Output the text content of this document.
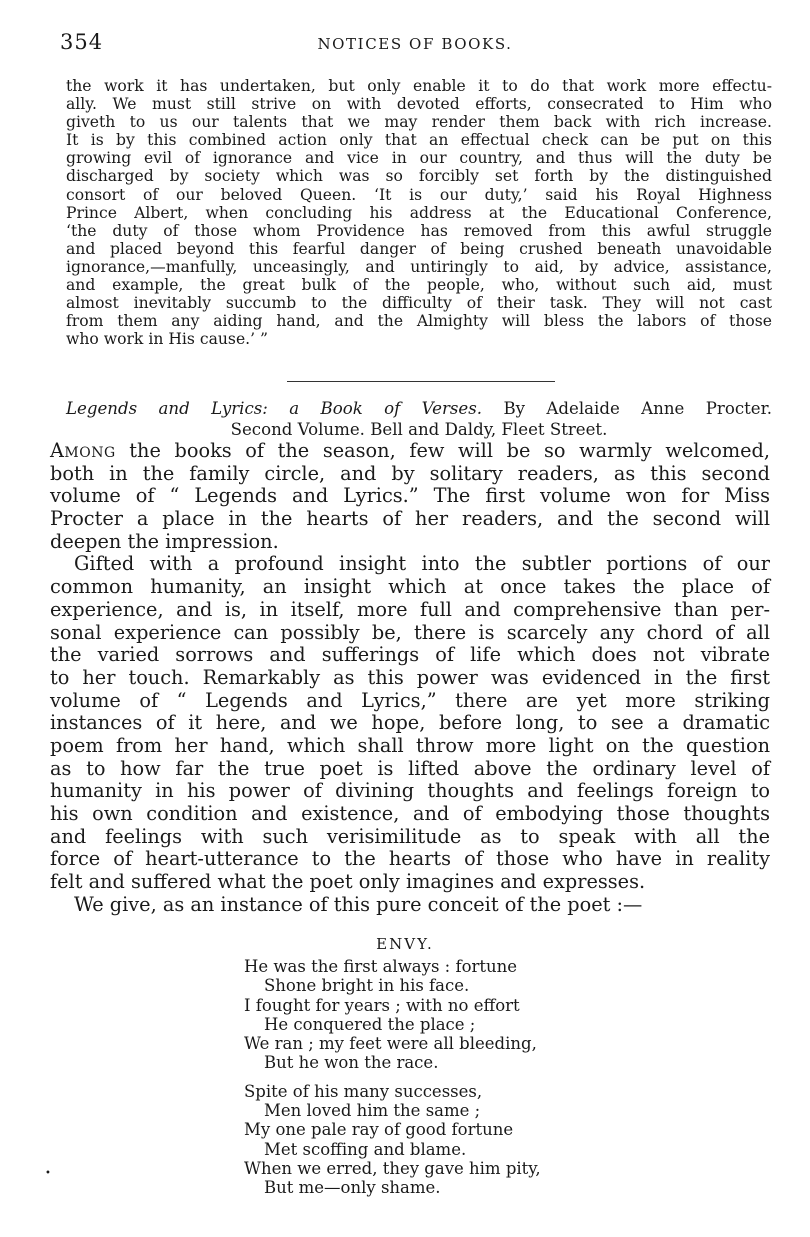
354	NOTICES OF BOOKS.
the work it has undertaken, but only enable it to do that work more effectu-
ally. We must still strive on with devoted efforts, consecrated to Him who
giveth to us our talents that we may render them back with rich increase.
It is by this combined action only that an effectual check can be put on this
growing evil of ignorance and vice in our country, and thus will the duty be
discharged by society which was so forcibly set forth by the distinguished
consort of our beloved Queen. ‘It is our duty,’ said his Royal Highness
Prince Albert, when concluding his address at the Educational Conference,
‘the duty of those whom Providence has removed from this awful struggle
and placed beyond this fearful danger of being crushed beneath unavoidable
ignorance,—manfully, unceasingly, and untiringly to aid, by advice, assistance,
and example, the great bulk of the people, who, without such aid, must
almost inevitably succumb to the difficulty of their task. They will not cast
from them any aiding hand, and the Almighty will bless the labors of those
who work in His cause.’ ”
Legends and Lyrics: a Book of Verses. By Adelaide Anne Procter.
Second Volume. Bell and Daldy, Fleet Street.
Among the books of the season, few will be so warmly welcomed,
both in the family circle, and by solitary readers, as this second
volume of “ Legends and Lyrics.” The first volume won for Miss
Procter a place in the hearts of her readers, and the second will
deepen the impression.
Gifted with a profound insight into the subtler portions of our
common humanity, an insight which at once takes the place of
experience, and is, in itself, more full and comprehensive than per-
sonal experience can possibly be, there is scarcely any chord of all
the varied sorrows and sufferings of life which does not vibrate
to her touch. Remarkably as this power was evidenced in the first
volume of “ Legends and Lyrics,” there are yet more striking
instances of it here, and we hope, before long, to see a dramatic
poem from her hand, which shall throw more light on the question
as to how far the true poet is lifted above the ordinary level of
humanity in his power of divining thoughts and feelings foreign to
his own condition and existence, and of embodying those thoughts
and feelings with such verisimilitude as to speak with all the
force of heart-utterance to the hearts of those who have in reality
felt and suffered what the poet only imagines and expresses.
We give, as an instance of this pure conceit of the poet :—
ENVY.
He was the first always : fortune
Shone bright in his face.
I fought for years ; with no effort
He conquered the place ;
We ran ; my feet were all bleeding,
But he won the race.
Spite of his many successes,
Men loved him the same ;
My one pale ray of good fortune
Met scoffing and blame.
When we erred, they gave him pity,
But me—only shame.
•
